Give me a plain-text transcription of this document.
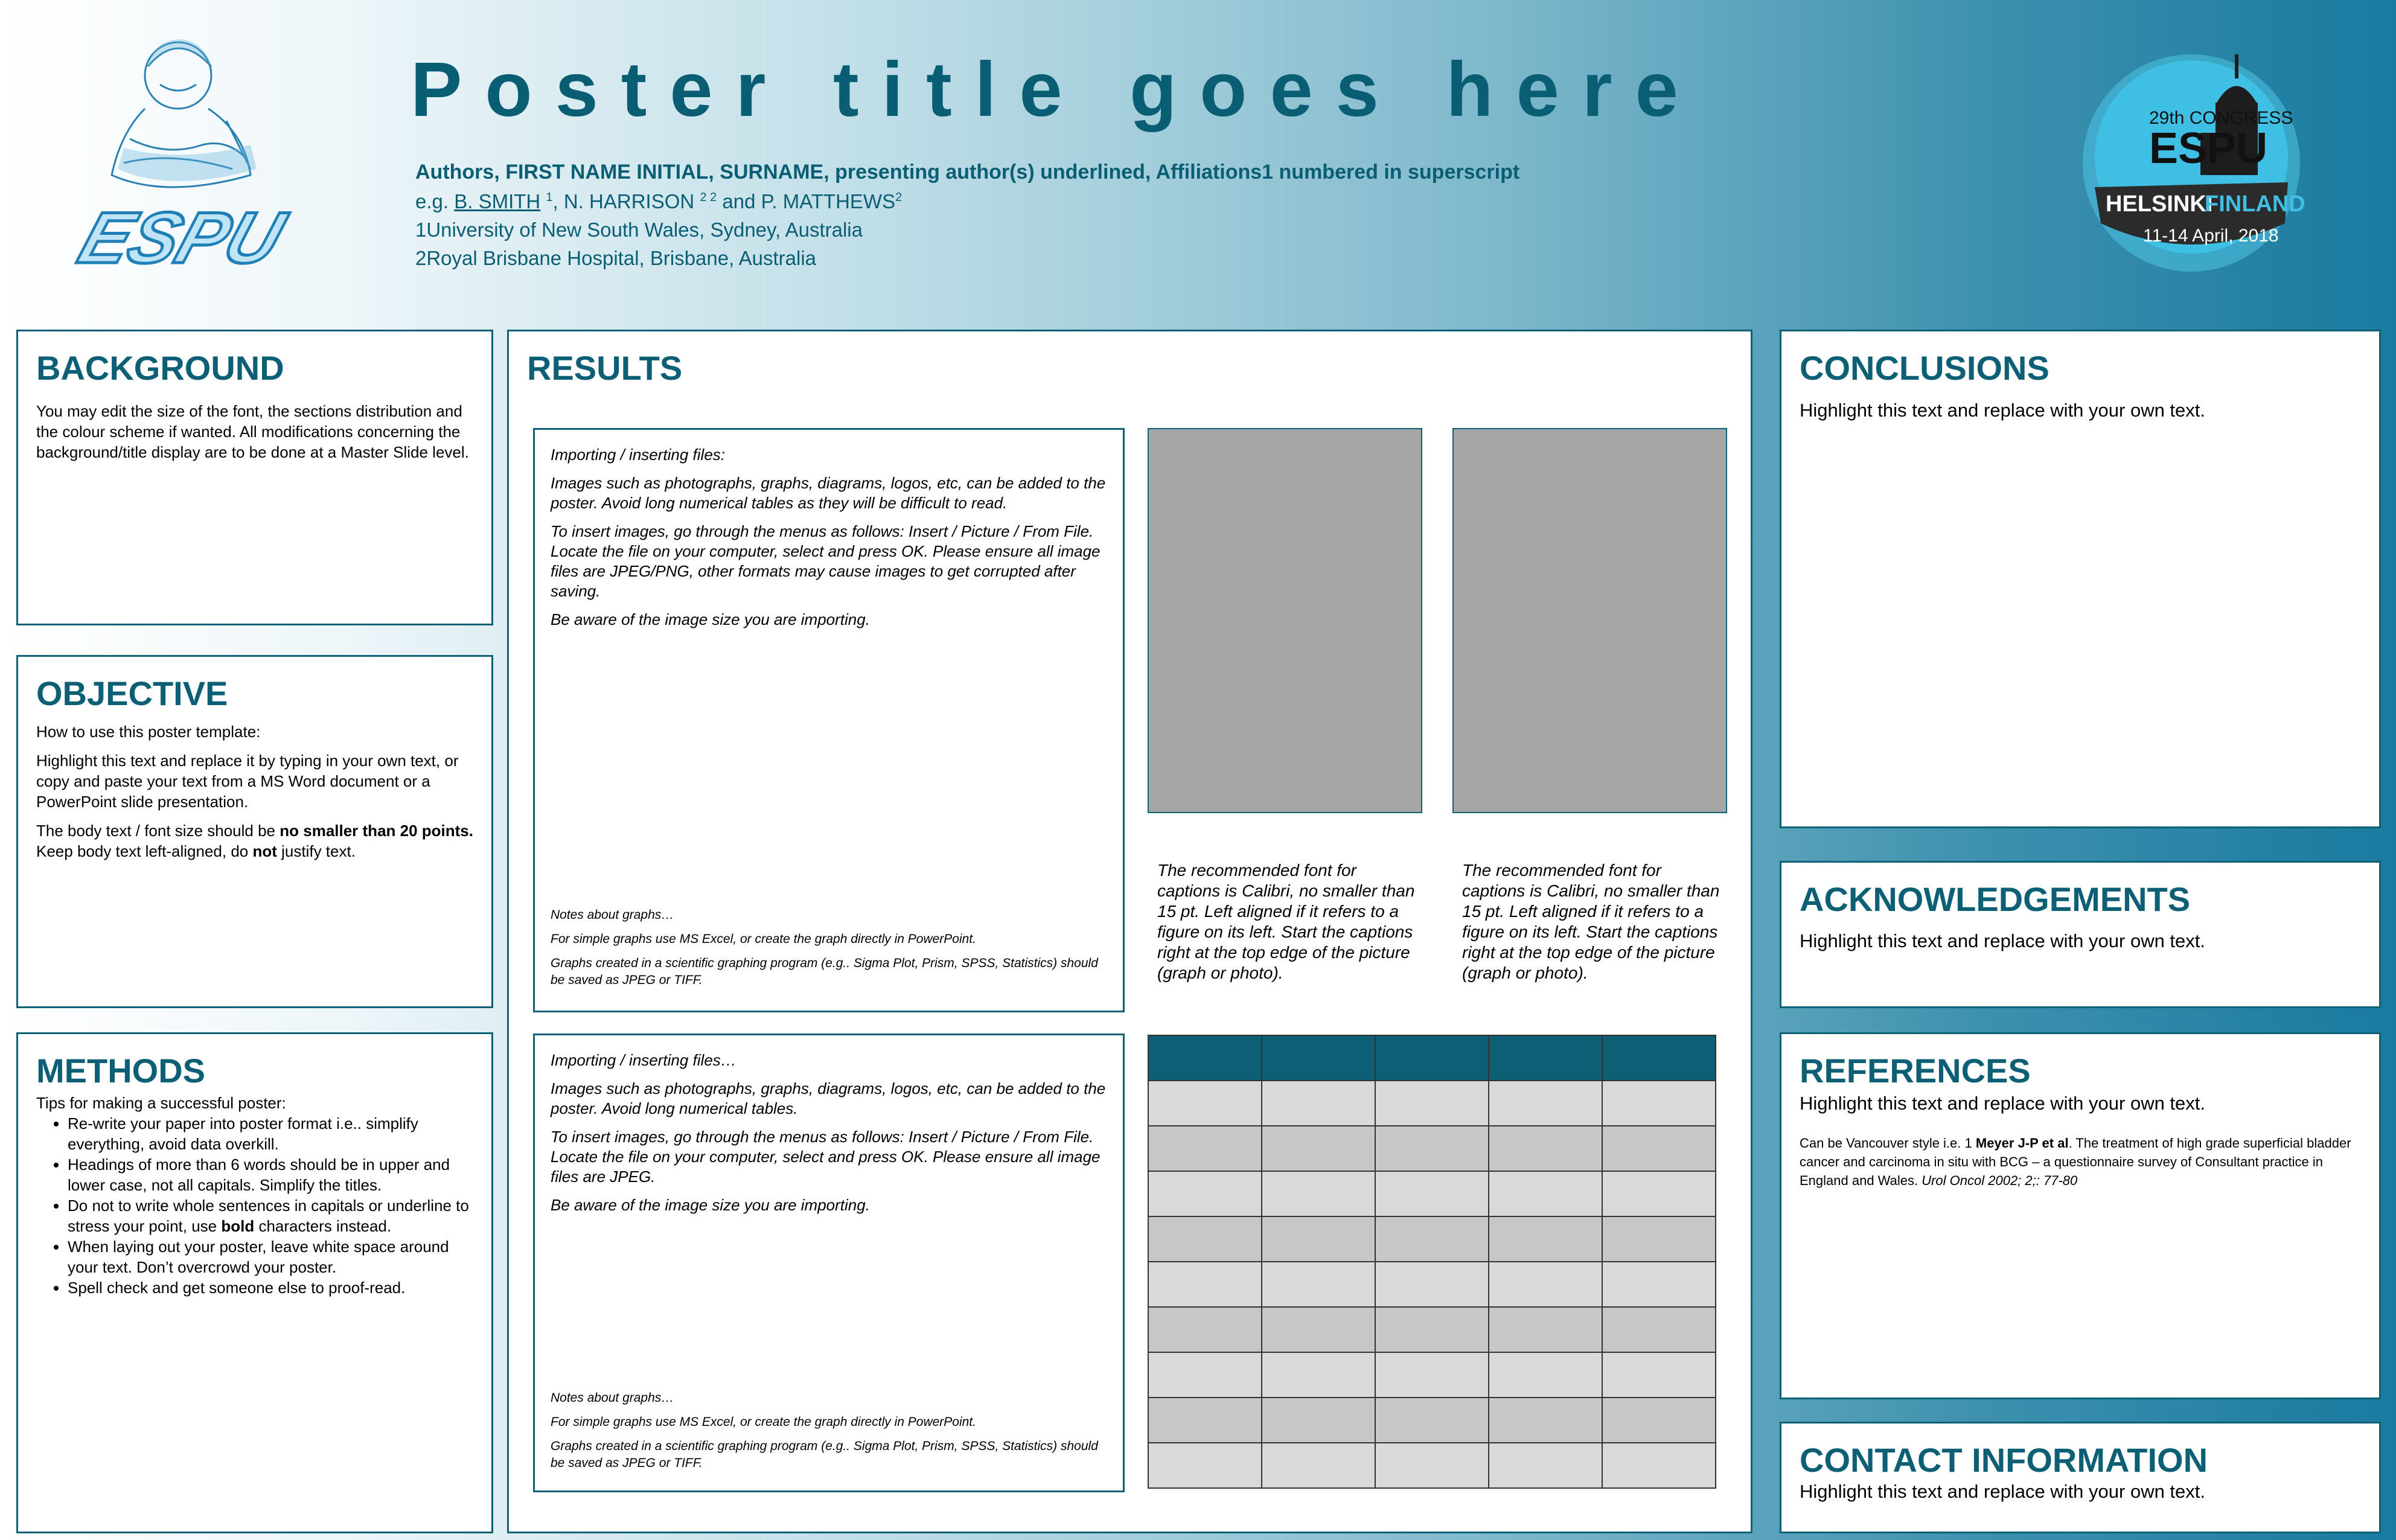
ESPU
Poster title goes here
Authors, FIRST NAME INITIAL, SURNAME, presenting author(s) underlined, Affiliations1 numbered in superscript
e.g. B. SMITH $^1$, N. HARRISON $^{2 2}$ and P. MATTHEWS$^2$
1University of New South Wales, Sydney, Australia
2Royal Brisbane Hospital, Brisbane, Australia
29th CONGRESS
ESPU
HELSINKI
FINLAND
11-14 April, 2018
BACKGROUND

You may edit the size of the font, the sections distribution and the colour scheme if wanted. All modifications concerning the background/title display are to be done at a Master Slide level.

OBJECTIVE

How to use this poster template:

Highlight this text and replace it by typing in your own text, or copy and paste your text from a MS Word document or a PowerPoint slide presentation.

The body text / font size should be no smaller than 20 points. Keep body text left-aligned, do not justify text.

METHODS
Tips for making a successful poster:
• Re-write your paper into poster format i.e.. simplify everything, avoid data overkill.
• Headings of more than 6 words should be in upper and lower case, not all capitals. Simplify the titles.
• Do not to write whole sentences in capitals or underline to stress your point, use bold characters instead.
• When laying out your poster, leave white space around your text. Don’t overcrowd your poster.
• Spell check and get someone else to proof-read.
RESULTS

Importing / inserting files:

Images such as photographs, graphs, diagrams, logos, etc, can be added to the poster. Avoid long numerical tables as they will be difficult to read.

To insert images, go through the menus as follows: Insert / Picture / From File. Locate the file on your computer, select and press OK. Please ensure all image files are JPEG/PNG, other formats may cause images to get corrupted after saving.

Be aware of the image size you are importing.

Notes about graphs…

For simple graphs use MS Excel, or create the graph directly in PowerPoint.

Graphs created in a scientific graphing program (e.g.. Sigma Plot, Prism, SPSS, Statistics) should be saved as JPEG or TIFF.

The recommended font for captions is Calibri, no smaller than 15 pt. Left aligned if it refers to a figure on its left. Start the captions right at the top edge of the picture (graph or photo).
The recommended font for captions is Calibri, no smaller than 15 pt. Left aligned if it refers to a figure on its left. Start the captions right at the top edge of the picture (graph or photo).

Importing / inserting files…

Images such as photographs, graphs, diagrams, logos, etc, can be added to the poster. Avoid long numerical tables.

To insert images, go through the menus as follows: Insert / Picture / From File. Locate the file on your computer, select and press OK. Please ensure all image files are JPEG.

Be aware of the image size you are importing.

Notes about graphs…

For simple graphs use MS Excel, or create the graph directly in PowerPoint.

Graphs created in a scientific graphing program (e.g.. Sigma Plot, Prism, SPSS, Statistics) should be saved as JPEG or TIFF.

CONCLUSIONS

Highlight this text and replace with your own text.

ACKNOWLEDGEMENTS

Highlight this text and replace with your own text.

REFERENCES

Highlight this text and replace with your own text.

Can be Vancouver style i.e. 1 Meyer J-P et al. The treatment of high grade superficial bladder cancer and carcinoma in situ with BCG – a questionnaire survey of Consultant practice in England and Wales. Urol Oncol 2002; 2;: 77-80

CONTACT INFORMATION

Highlight this text and replace with your own text.
